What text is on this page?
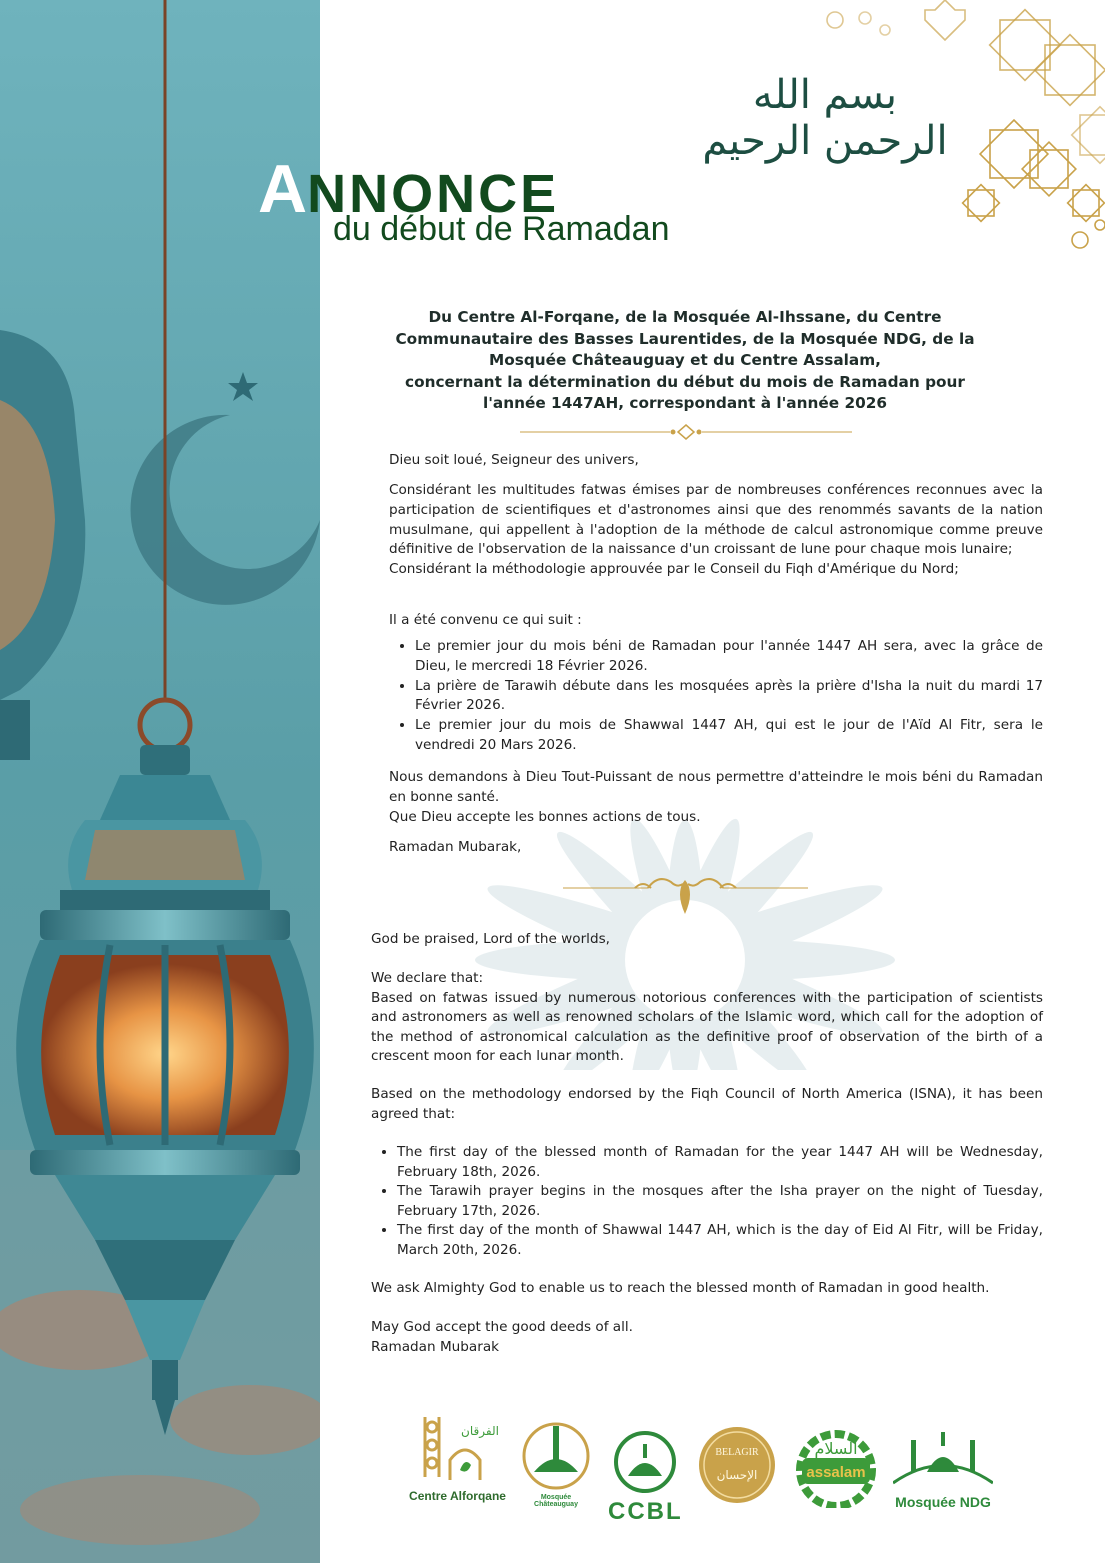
بسم الله الرحمن الرحيم
ANNONCE
du début de Ramadan
Du Centre Al-Forqane, de la Mosquée Al-Ihssane, du Centre
Communautaire des Basses Laurentides, de la Mosquée NDG, de la
Mosquée Châteauguay et du Centre Assalam,
concernant la détermination du début du mois de Ramadan pour
l'année 1447AH, correspondant à l'année 2026

Dieu soit loué, Seigneur des univers,

Considérant les multitudes fatwas émises par de nombreuses conférences reconnues avec la participation de scientifiques et d'astronomes ainsi que des renommés savants de la nation musulmane, qui appellent à l'adoption de la méthode de calcul astronomique comme preuve définitive de l'observation de la naissance d'un croissant de lune pour chaque mois lunaire;

Considérant la méthodologie approuvée par le Conseil du Fiqh d'Amérique du Nord;

Il a été convenu ce qui suit :

• Le premier jour du mois béni de Ramadan pour l'année 1447 AH sera, avec la grâce de Dieu, le mercredi 18 Février 2026.
• La prière de Tarawih débute dans les mosquées après la prière d'Isha la nuit du mardi 17 Février 2026.
• Le premier jour du mois de Shawwal 1447 AH, qui est le jour de l'Aïd Al Fitr, sera le vendredi 20 Mars 2026.

Nous demandons à Dieu Tout-Puissant de nous permettre d'atteindre le mois béni du Ramadan en bonne santé.

Que Dieu accepte les bonnes actions de tous.

Ramadan Mubarak,

God be praised, Lord of the worlds,

We declare that:

Based on fatwas issued by numerous notorious conferences with the participation of scientists and astronomers as well as renowned scholars of the Islamic word, which call for the adoption of the method of astronomical calculation as the definitive proof of observation of the birth of a crescent moon for each lunar month.

Based on the methodology endorsed by the Fiqh Council of North America (ISNA), it has been agreed that:

• The first day of the blessed month of Ramadan for the year 1447 AH will be Wednesday, February 18th, 2026.
• The Tarawih prayer begins in the mosques after the Isha prayer on the night of Tuesday, February 17th, 2026.
• The first day of the month of Shawwal 1447 AH, which is the day of Eid Al Fitr, will be Friday, March 20th, 2026.

We ask Almighty God to enable us to reach the blessed month of Ramadan in good health.

May God accept the good deeds of all.

Ramadan Mubarak

الفرقان
Centre Alforqane	Mosquée Châteauguay	CCBL
BELAGIR
الإحسان
السلام
assalam
Mosquée NDG
